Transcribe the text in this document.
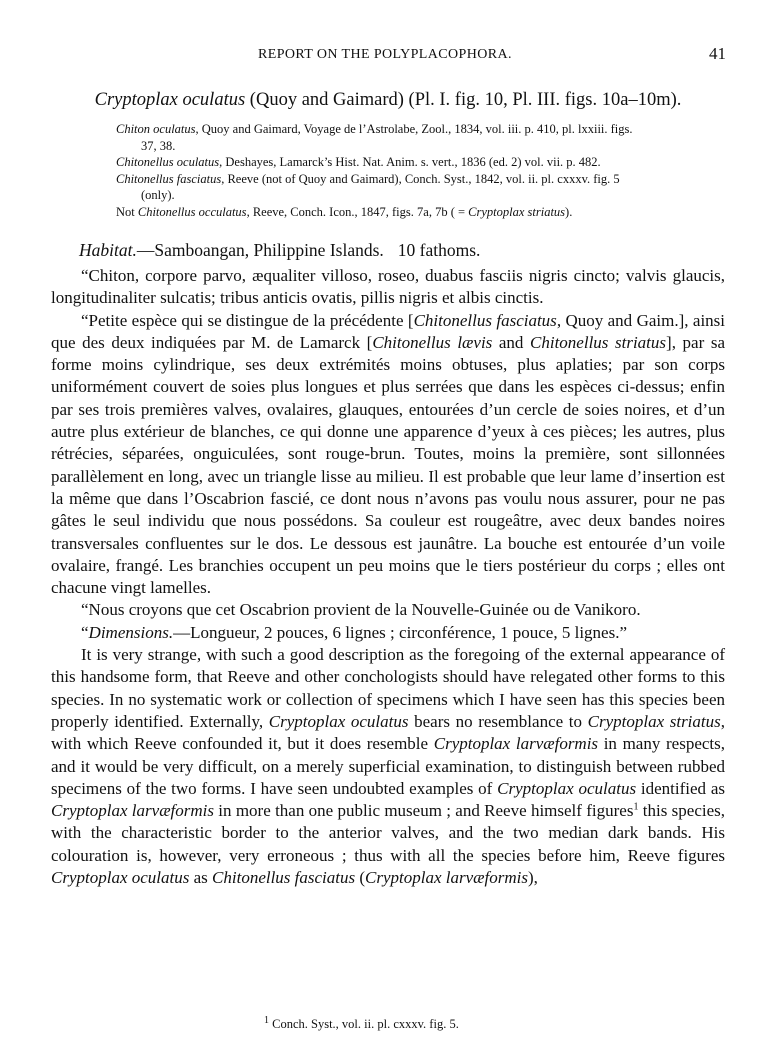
REPORT ON THE POLYPLACOPHORA.	41
Cryptoplax oculatus (Quoy and Gaimard) (Pl. I. fig. 10, Pl. III. figs. 10a–10m).
Chiton oculatus, Quoy and Gaimard, Voyage de l’Astrolabe, Zool., 1834, vol. iii. p. 410, pl. lxxiii. figs.
37, 38.
Chitonellus oculatus, Deshayes, Lamarck’s Hist. Nat. Anim. s. vert., 1836 (ed. 2) vol. vii. p. 482.
Chitonellus fasciatus, Reeve (not of Quoy and Gaimard), Conch. Syst., 1842, vol. ii. pl. cxxxv. fig. 5
(only).
Not Chitonellus occulatus, Reeve, Conch. Icon., 1847, figs. 7a, 7b ( = Cryptoplax striatus).
Habitat.—Samboangan, Philippine Islands. 10 fathoms.

“Chiton, corpore parvo, æqualiter villoso, roseo, duabus fasciis nigris cincto; valvis glaucis, longitudinaliter sulcatis; tribus anticis ovatis, pillis nigris et albis cinctis.

“Petite espèce qui se distingue de la précédente [Chitonellus fasciatus, Quoy and Gaim.], ainsi que des deux indiquées par M. de Lamarck [Chitonellus lævis and Chitonellus striatus], par sa forme moins cylindrique, ses deux extrémités moins obtuses, plus aplaties; par son corps uniformément couvert de soies plus longues et plus serrées que dans les espèces ci-dessus; enfin par ses trois premières valves, ovalaires, glauques, entourées d’un cercle de soies noires, et d’un autre plus extérieur de blanches, ce qui donne une apparence d’yeux à ces pièces; les autres, plus rétrécies, séparées, onguiculées, sont rouge-brun. Toutes, moins la première, sont sillonnées parallèlement en long, avec un triangle lisse au milieu. Il est probable que leur lame d’insertion est la même que dans l’Oscabrion fascié, ce dont nous n’avons pas voulu nous assurer, pour ne pas gâtes le seul individu que nous possédons. Sa couleur est rougeâtre, avec deux bandes noires transversales confluentes sur le dos. Le dessous est jaunâtre. La bouche est entourée d’un voile ovalaire, frangé. Les branchies occupent un peu moins que le tiers postérieur du corps ; elles ont chacune vingt lamelles.

“Nous croyons que cet Oscabrion provient de la Nouvelle-Guinée ou de Vanikoro.

“Dimensions.—Longueur, 2 pouces, 6 lignes ; circonférence, 1 pouce, 5 lignes.”

It is very strange, with such a good description as the foregoing of the external appearance of this handsome form, that Reeve and other conchologists should have relegated other forms to this species. In no systematic work or collection of specimens which I have seen has this species been properly identified. Externally, Cryptoplax oculatus bears no resemblance to Cryptoplax striatus, with which Reeve confounded it, but it does resemble Cryptoplax larvæformis in many respects, and it would be very difficult, on a merely superficial examination, to distinguish between rubbed specimens of the two forms. I have seen undoubted examples of Cryptoplax oculatus identified as Cryptoplax larvæformis in more than one public museum ; and Reeve himself figures$^1$ this species, with the characteristic border to the anterior valves, and the two median dark bands. His colouration is, however, very erroneous ; thus with all the species before him, Reeve figures Cryptoplax oculatus as Chitonellus fasciatus (Cryptoplax larvæformis),

$^1$ Conch. Syst., vol. ii. pl. cxxxv. fig. 5.
